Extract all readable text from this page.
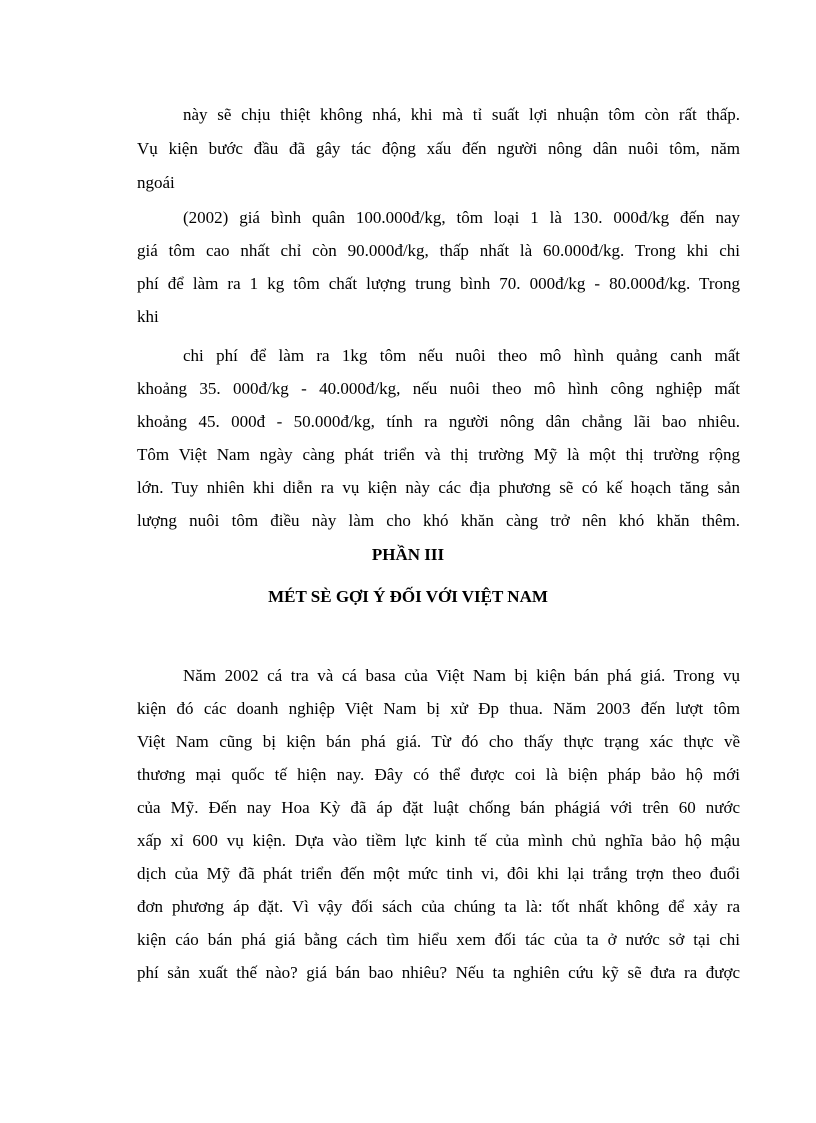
này sẽ chịu thiệt không nhá, khi mà tỉ suất lợi nhuận tôm còn rất thấp.
Vụ kiện bước đầu đã gây tác động xấu đến người nông dân nuôi tôm, năm
ngoái
(2002) giá bình quân 100.000đ/kg, tôm loại 1 là 130. 000đ/kg đến nay
giá tôm cao nhất chỉ còn 90.000đ/kg, thấp nhất là 60.000đ/kg. Trong khi chi
phí để làm ra 1 kg tôm chất lượng trung bình 70. 000đ/kg - 80.000đ/kg. Trong
khi
chi phí để làm ra 1kg tôm nếu nuôi theo mô hình quảng canh mất
khoảng 35. 000đ/kg - 40.000đ/kg, nếu nuôi theo mô hình công nghiệp mất
khoảng 45. 000đ - 50.000đ/kg, tính ra người nông dân chẳng lãi bao nhiêu.
Tôm Việt Nam ngày càng phát triển và thị trường Mỹ là một thị trường rộng
lớn. Tuy nhiên khi diễn ra vụ kiện này các địa phương sẽ có kế hoạch tăng sản
lượng nuôi tôm điều này làm cho khó khăn càng trở nên khó khăn thêm.
PHẦN III
MÉT SÈ GỢI Ý ĐỐI VỚI VIỆT NAM
Năm 2002 cá tra và cá basa của Việt Nam bị kiện bán phá giá. Trong vụ
kiện đó các doanh nghiệp Việt Nam bị xử Ðp thua. Năm 2003 đến lượt tôm
Việt Nam cũng bị kiện bán phá giá. Từ đó cho thấy thực trạng xác thực về
thương mại quốc tế hiện nay. Đây có thể được coi là biện pháp bảo hộ mới
của Mỹ. Đến nay Hoa Kỳ đã áp đặt luật chống bán phágiá với trên 60 nước
xấp xỉ 600 vụ kiện. Dựa vào tiềm lực kinh tế của mình chủ nghĩa bảo hộ mậu
dịch của Mỹ đã phát triển đến một mức tinh vi, đôi khi lại trắng trợn theo đuổi
đơn phương áp đặt. Vì vậy đối sách của chúng ta là: tốt nhất không để xảy ra
kiện cáo bán phá giá bằng cách tìm hiểu xem đối tác của ta ở nước sở tại chi
phí sản xuất thế nào? giá bán bao nhiêu? Nếu ta nghiên cứu kỹ sẽ đưa ra được
